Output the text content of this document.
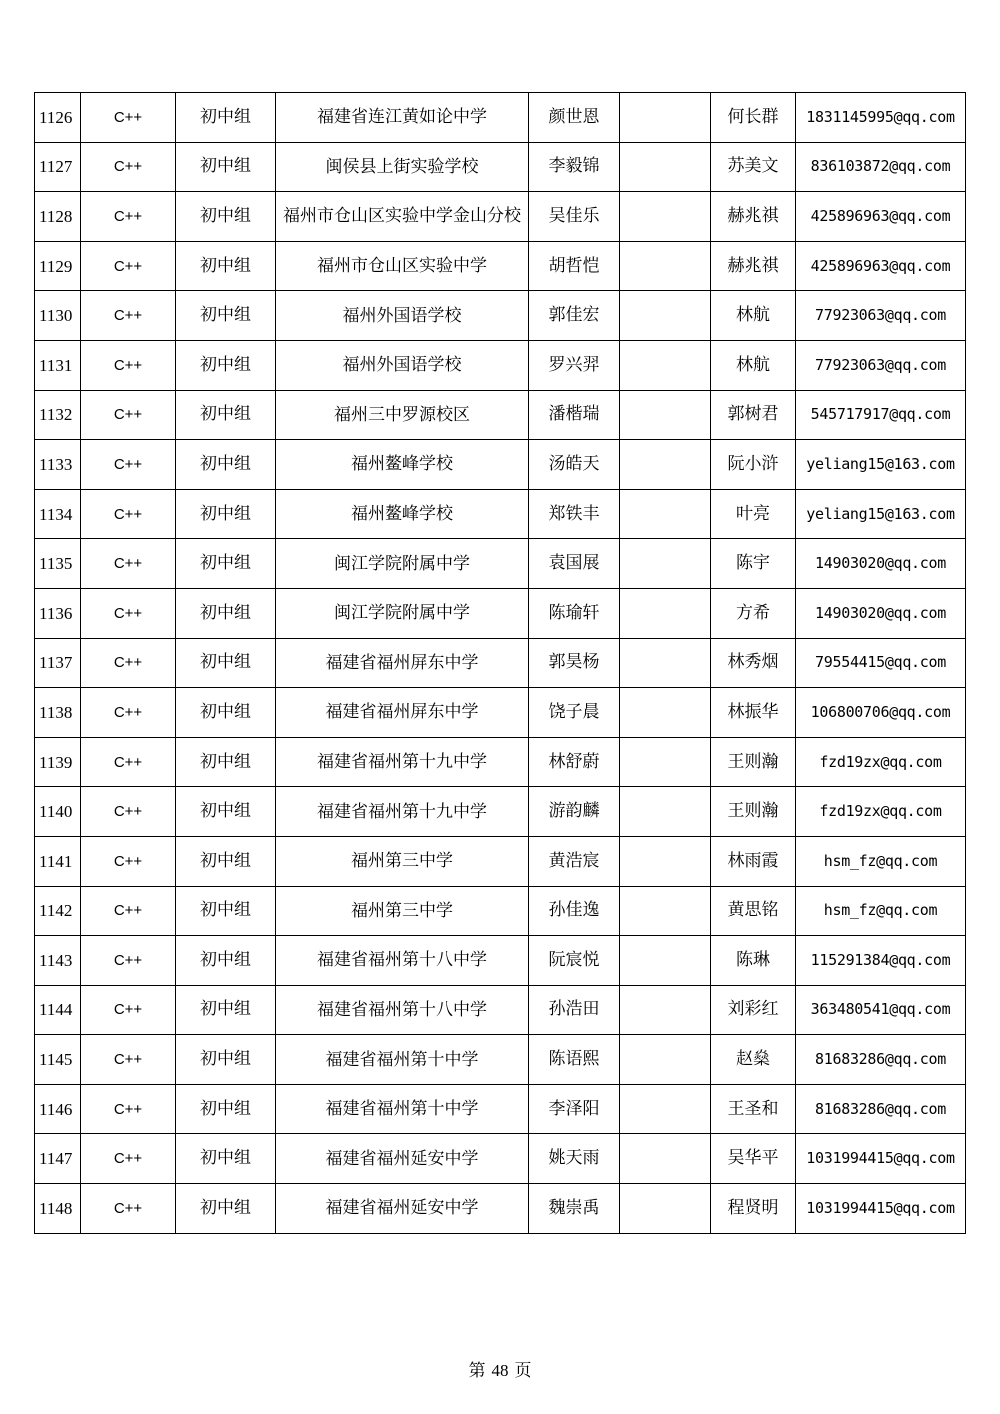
1126	C++	初中组	福建省连江黄如论中学	颜世恩		何长群	1831145995@qq.com
1127	C++	初中组	闽侯县上街实验学校	李毅锦		苏美文	836103872@qq.com
1128	C++	初中组	福州市仓山区实验中学金山分校	吴佳乐		赫兆祺	425896963@qq.com
1129	C++	初中组	福州市仓山区实验中学	胡哲恺		赫兆祺	425896963@qq.com
1130	C++	初中组	福州外国语学校	郭佳宏		林航	77923063@qq.com
1131	C++	初中组	福州外国语学校	罗兴羿		林航	77923063@qq.com
1132	C++	初中组	福州三中罗源校区	潘楷瑞		郭树君	545717917@qq.com
1133	C++	初中组	福州鳌峰学校	汤皓天		阮小浒	yeliang15@163.com
1134	C++	初中组	福州鳌峰学校	郑铁丰		叶亮	yeliang15@163.com
1135	C++	初中组	闽江学院附属中学	袁国展		陈宇	14903020@qq.com
1136	C++	初中组	闽江学院附属中学	陈瑜轩		方希	14903020@qq.com
1137	C++	初中组	福建省福州屏东中学	郭昊杨		林秀烟	79554415@qq.com
1138	C++	初中组	福建省福州屏东中学	饶子晨		林振华	106800706@qq.com
1139	C++	初中组	福建省福州第十九中学	林舒蔚		王则瀚	fzd19zx@qq.com
1140	C++	初中组	福建省福州第十九中学	游韵麟		王则瀚	fzd19zx@qq.com
1141	C++	初中组	福州第三中学	黄浩宸		林雨霞	hsm_fz@qq.com
1142	C++	初中组	福州第三中学	孙佳逸		黄思铭	hsm_fz@qq.com
1143	C++	初中组	福建省福州第十八中学	阮宸悦		陈琳	115291384@qq.com
1144	C++	初中组	福建省福州第十八中学	孙浩田		刘彩红	363480541@qq.com
1145	C++	初中组	福建省福州第十中学	陈语熙		赵燊	81683286@qq.com
1146	C++	初中组	福建省福州第十中学	李泽阳		王圣和	81683286@qq.com
1147	C++	初中组	福建省福州延安中学	姚天雨		吴华平	1031994415@qq.com
1148	C++	初中组	福建省福州延安中学	魏崇禹		程贤明	1031994415@qq.com
第 48 页
